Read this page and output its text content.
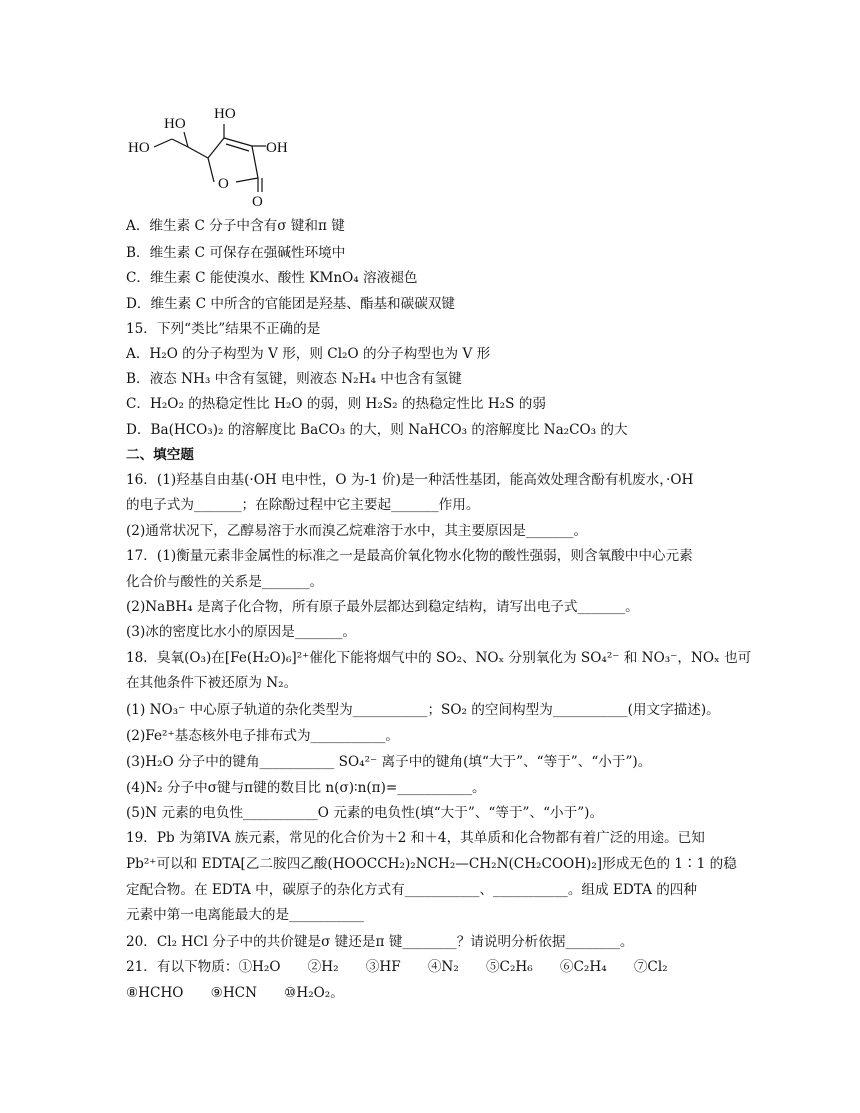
HO
HO
HO	OH
O
O
A．维生素 C 分子中含有σ 键和π 键
B．维生素 C 可保存在强碱性环境中
C．维生素 C 能使溴水、酸性 KMnO₄ 溶液褪色
D．维生素 C 中所含的官能团是羟基、酯基和碳碳双键
15．下列“类比”结果不正确的是
A．H₂O 的分子构型为 V 形，则 Cl₂O 的分子构型也为 V 形
B．液态 NH₃ 中含有氢键，则液态 N₂H₄ 中也含有氢键
C．H₂O₂ 的热稳定性比 H₂O 的弱，则 H₂S₂ 的热稳定性比 H₂S 的弱
D．Ba(HCO₃)₂ 的溶解度比 BaCO₃ 的大，则 NaHCO₃ 的溶解度比 Na₂CO₃ 的大
二、填空题
16．(1)羟基自由基(·OH 电中性，O 为-1 价)是一种活性基团，能高效处理含酚有机废水，·OH
的电子式为_______；在除酚过程中它主要起_______作用。
(2)通常状况下，乙醇易溶于水而溴乙烷难溶于水中，其主要原因是_______。
17．(1)衡量元素非金属性的标准之一是最高价氧化物水化物的酸性强弱，则含氧酸中中心元素
化合价与酸性的关系是_______。
(2)NaBH₄ 是离子化合物，所有原子最外层都达到稳定结构，请写出电子式_______。
(3)冰的密度比水小的原因是_______。
18．臭氧(O₃)在[Fe(H₂O)₆]²⁺催化下能将烟气中的 SO₂、NOₓ 分别氧化为 SO₄²⁻ 和 NO₃⁻，NOₓ 也可
在其他条件下被还原为 N₂。
(1) NO₃⁻ 中心原子轨道的杂化类型为___________；SO₂ 的空间构型为___________(用文字描述)。
(2)Fe²⁺基态核外电子排布式为___________。
(3)H₂O 分子中的键角___________ SO₄²⁻ 离子中的键角(填“大于”、“等于”、“小于”)。
(4)N₂ 分子中σ键与π键的数目比 n(σ)∶n(π)=___________。
(5)N 元素的电负性___________O 元素的电负性(填“大于”、“等于”、“小于”)。
19．Pb 为第IVA 族元素，常见的化合价为＋2 和＋4，其单质和化合物都有着广泛的用途。已知
Pb²⁺可以和 EDTA[乙二胺四乙酸(HOOCCH₂)₂NCH₂—CH₂N(CH₂COOH)₂]形成无色的 1∶1 的稳
定配合物。在 EDTA 中，碳原子的杂化方式有___________、___________。组成 EDTA 的四种
元素中第一电离能最大的是___________
20．Cl₂ HCl 分子中的共价键是σ 键还是π 键________？请说明分析依据________。
21．有以下物质：①H₂O　　②H₂　　③HF　　④N₂　　⑤C₂H₆　　⑥C₂H₄　　⑦Cl₂
⑧HCHO　　⑨HCN　　⑩H₂O₂。
